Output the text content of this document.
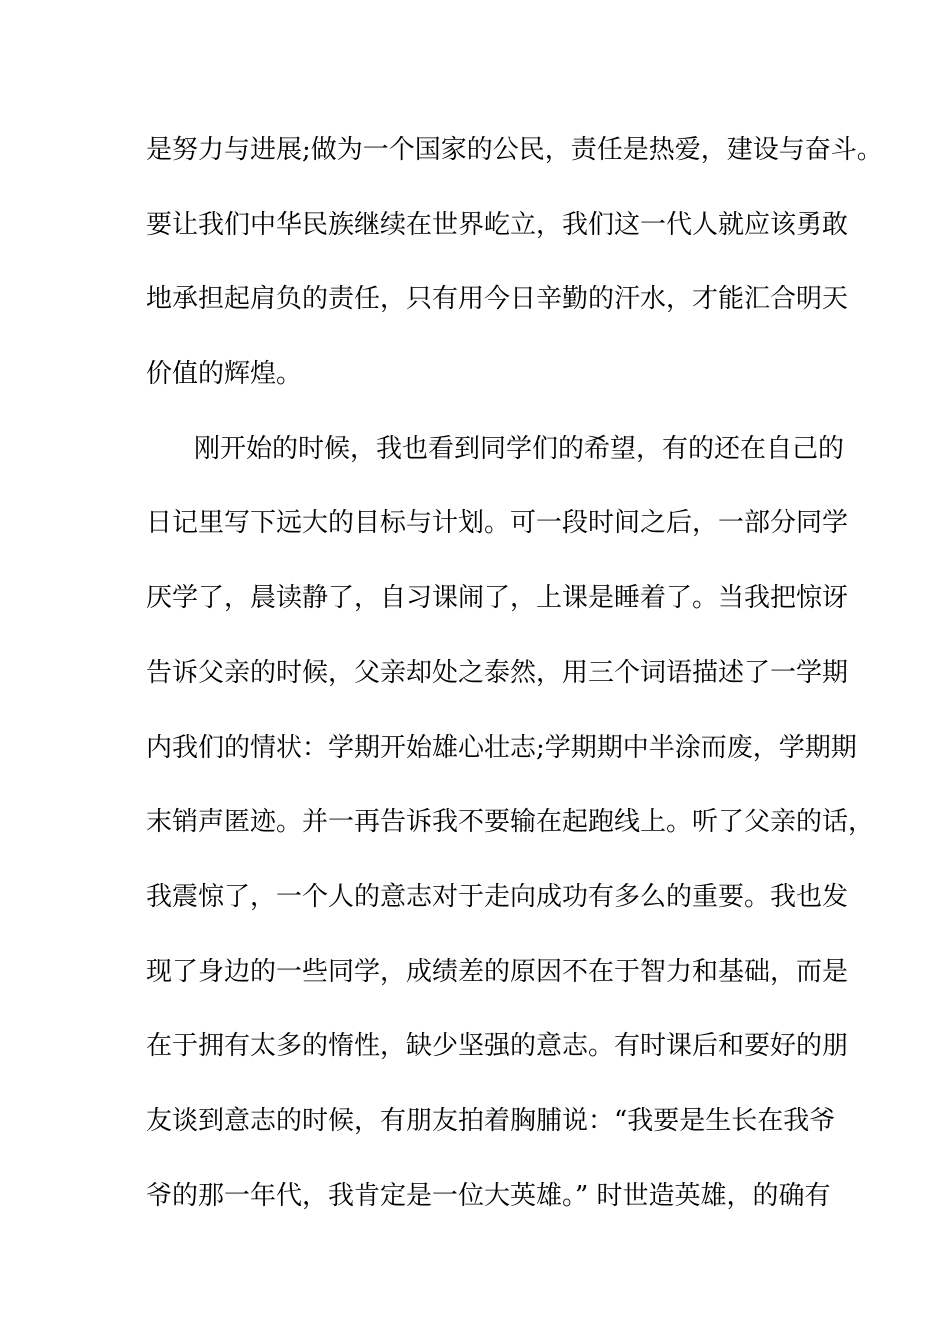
是努力与进展;做为一个国家的公民，责任是热爱，建设与奋斗。
要让我们中华民族继续在世界屹立，我们这一代人就应该勇敢
地承担起肩负的责任，只有用今日辛勤的汗水，才能汇合明天
价值的辉煌。
刚开始的时候，我也看到同学们的希望，有的还在自己的
日记里写下远大的目标与计划。可一段时间之后，一部分同学
厌学了，晨读静了，自习课闹了，上课是睡着了。当我把惊讶
告诉父亲的时候，父亲却处之泰然，用三个词语描述了一学期
内我们的情状：学期开始雄心壮志;学期期中半涂而废，学期期
末销声匿迹。并一再告诉我不要输在起跑线上。听了父亲的话，
我震惊了，一个人的意志对于走向成功有多么的重要。我也发
现了身边的一些同学，成绩差的原因不在于智力和基础，而是
在于拥有太多的惰性，缺少坚强的意志。有时课后和要好的朋
友谈到意志的时候，有朋友拍着胸脯说：“我要是生长在我爷
爷的那一年代，我肯定是一位大英雄。” 时世造英雄，的确有
